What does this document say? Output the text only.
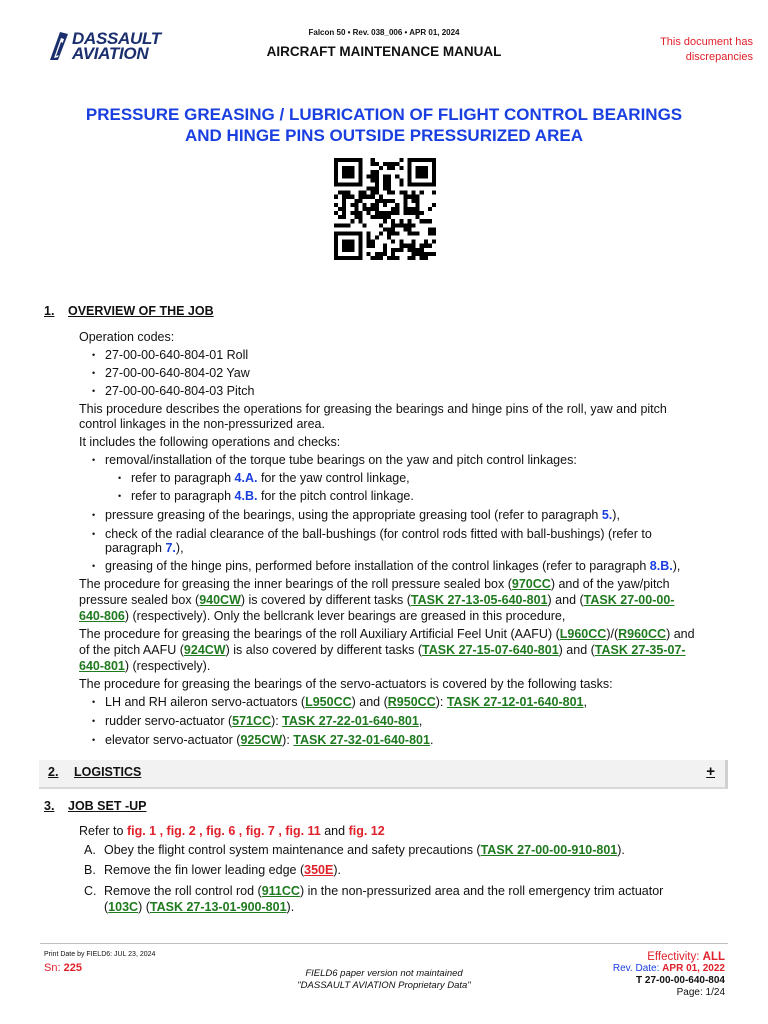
DASSAULT
AVIATION
Falcon 50 • Rev. 038_006 • APR 01, 2024
AIRCRAFT MAINTENANCE MANUAL
This document has discrepancies
PRESSURE GREASING / LUBRICATION OF FLIGHT CONTROL BEARINGS
AND HINGE PINS OUTSIDE PRESSURIZED AREA
1. OVERVIEW OF THE JOB
Operation codes:
• 27-00-00-640-804-01 Roll
• 27-00-00-640-804-02 Yaw
• 27-00-00-640-804-03 Pitch
This procedure describes the operations for greasing the bearings and hinge pins of the roll, yaw and pitch
control linkages in the non-pressurized area.
It includes the following operations and checks:
• removal/installation of the torque tube bearings on the yaw and pitch control linkages:
• refer to paragraph 4.A. for the yaw control linkage,
• refer to paragraph 4.B. for the pitch control linkage.
• pressure greasing of the bearings, using the appropriate greasing tool (refer to paragraph 5.),
• check of the radial clearance of the ball-bushings (for control rods fitted with ball-bushings) (refer to
paragraph 7.),
• greasing of the hinge pins, performed before installation of the control linkages (refer to paragraph 8.B.),
The procedure for greasing the inner bearings of the roll pressure sealed box (970CC) and of the yaw/pitch
pressure sealed box (940CW) is covered by different tasks (TASK 27-13-05-640-801) and (TASK 27-00-00-
640-806) (respectively). Only the bellcrank lever bearings are greased in this procedure,
The procedure for greasing the bearings of the roll Auxiliary Artificial Feel Unit (AAFU) (L960CC)/(R960CC) and
of the pitch AAFU (924CW) is also covered by different tasks (TASK 27-15-07-640-801) and (TASK 27-35-07-
640-801) (respectively).
The procedure for greasing the bearings of the servo-actuators is covered by the following tasks:
• LH and RH aileron servo-actuators (L950CC) and (R950CC): TASK 27-12-01-640-801,
• rudder servo-actuator (571CC): TASK 27-22-01-640-801,
• elevator servo-actuator (925CW): TASK 27-32-01-640-801.
2. LOGISTICS	+
3. JOB SET -UP
Refer to fig. 1 , fig. 2 , fig. 6 , fig. 7 , fig. 11 and fig. 12
A. Obey the flight control system maintenance and safety precautions (TASK 27-00-00-910-801).
B. Remove the fin lower leading edge (350E).
C. Remove the roll control rod (911CC) in the non-pressurized area and the roll emergency trim actuator
(103C) (TASK 27-13-01-900-801).
Print Date by FIELD6: JUL 23, 2024
Sn: 225	FIELD6 paper version not maintained
"DASSAULT AVIATION Proprietary Data"
Effectivity: ALL
Rev. Date: APR 01, 2022
T 27-00-00-640-804
Page: 1/24
